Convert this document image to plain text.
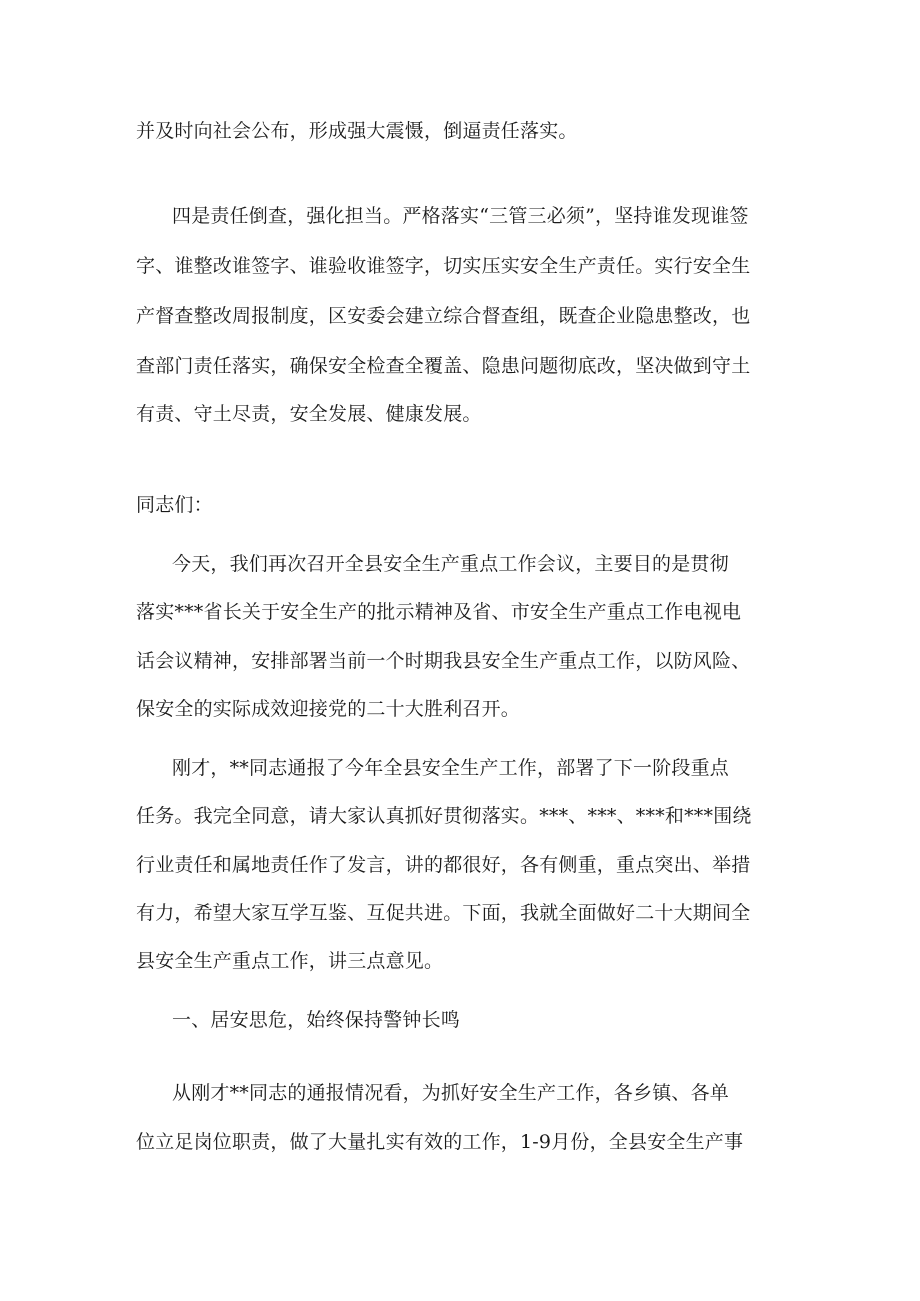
并及时向社会公布，形成强大震慑，倒逼责任落实。
四是责任倒查，强化担当。严格落实“三管三必须”，坚持谁发现谁签
字、谁整改谁签字、谁验收谁签字，切实压实安全生产责任。实行安全生
产督查整改周报制度，区安委会建立综合督查组，既查企业隐患整改，也
查部门责任落实，确保安全检查全覆盖、隐患问题彻底改，坚决做到守土
有责、守土尽责，安全发展、健康发展。
同志们：
今天，我们再次召开全县安全生产重点工作会议，主要目的是贯彻
落实***省长关于安全生产的批示精神及省、市安全生产重点工作电视电
话会议精神，安排部署当前一个时期我县安全生产重点工作，以防风险、
保安全的实际成效迎接党的二十大胜利召开。
刚才，**同志通报了今年全县安全生产工作，部署了下一阶段重点
任务。我完全同意，请大家认真抓好贯彻落实。***、***、***和***围绕
行业责任和属地责任作了发言，讲的都很好，各有侧重，重点突出、举措
有力，希望大家互学互鉴、互促共进。下面，我就全面做好二十大期间全
县安全生产重点工作，讲三点意见。
一、居安思危，始终保持警钟长鸣
从刚才**同志的通报情况看，为抓好安全生产工作，各乡镇、各单
位立足岗位职责，做了大量扎实有效的工作，1-9月份，全县安全生产事
